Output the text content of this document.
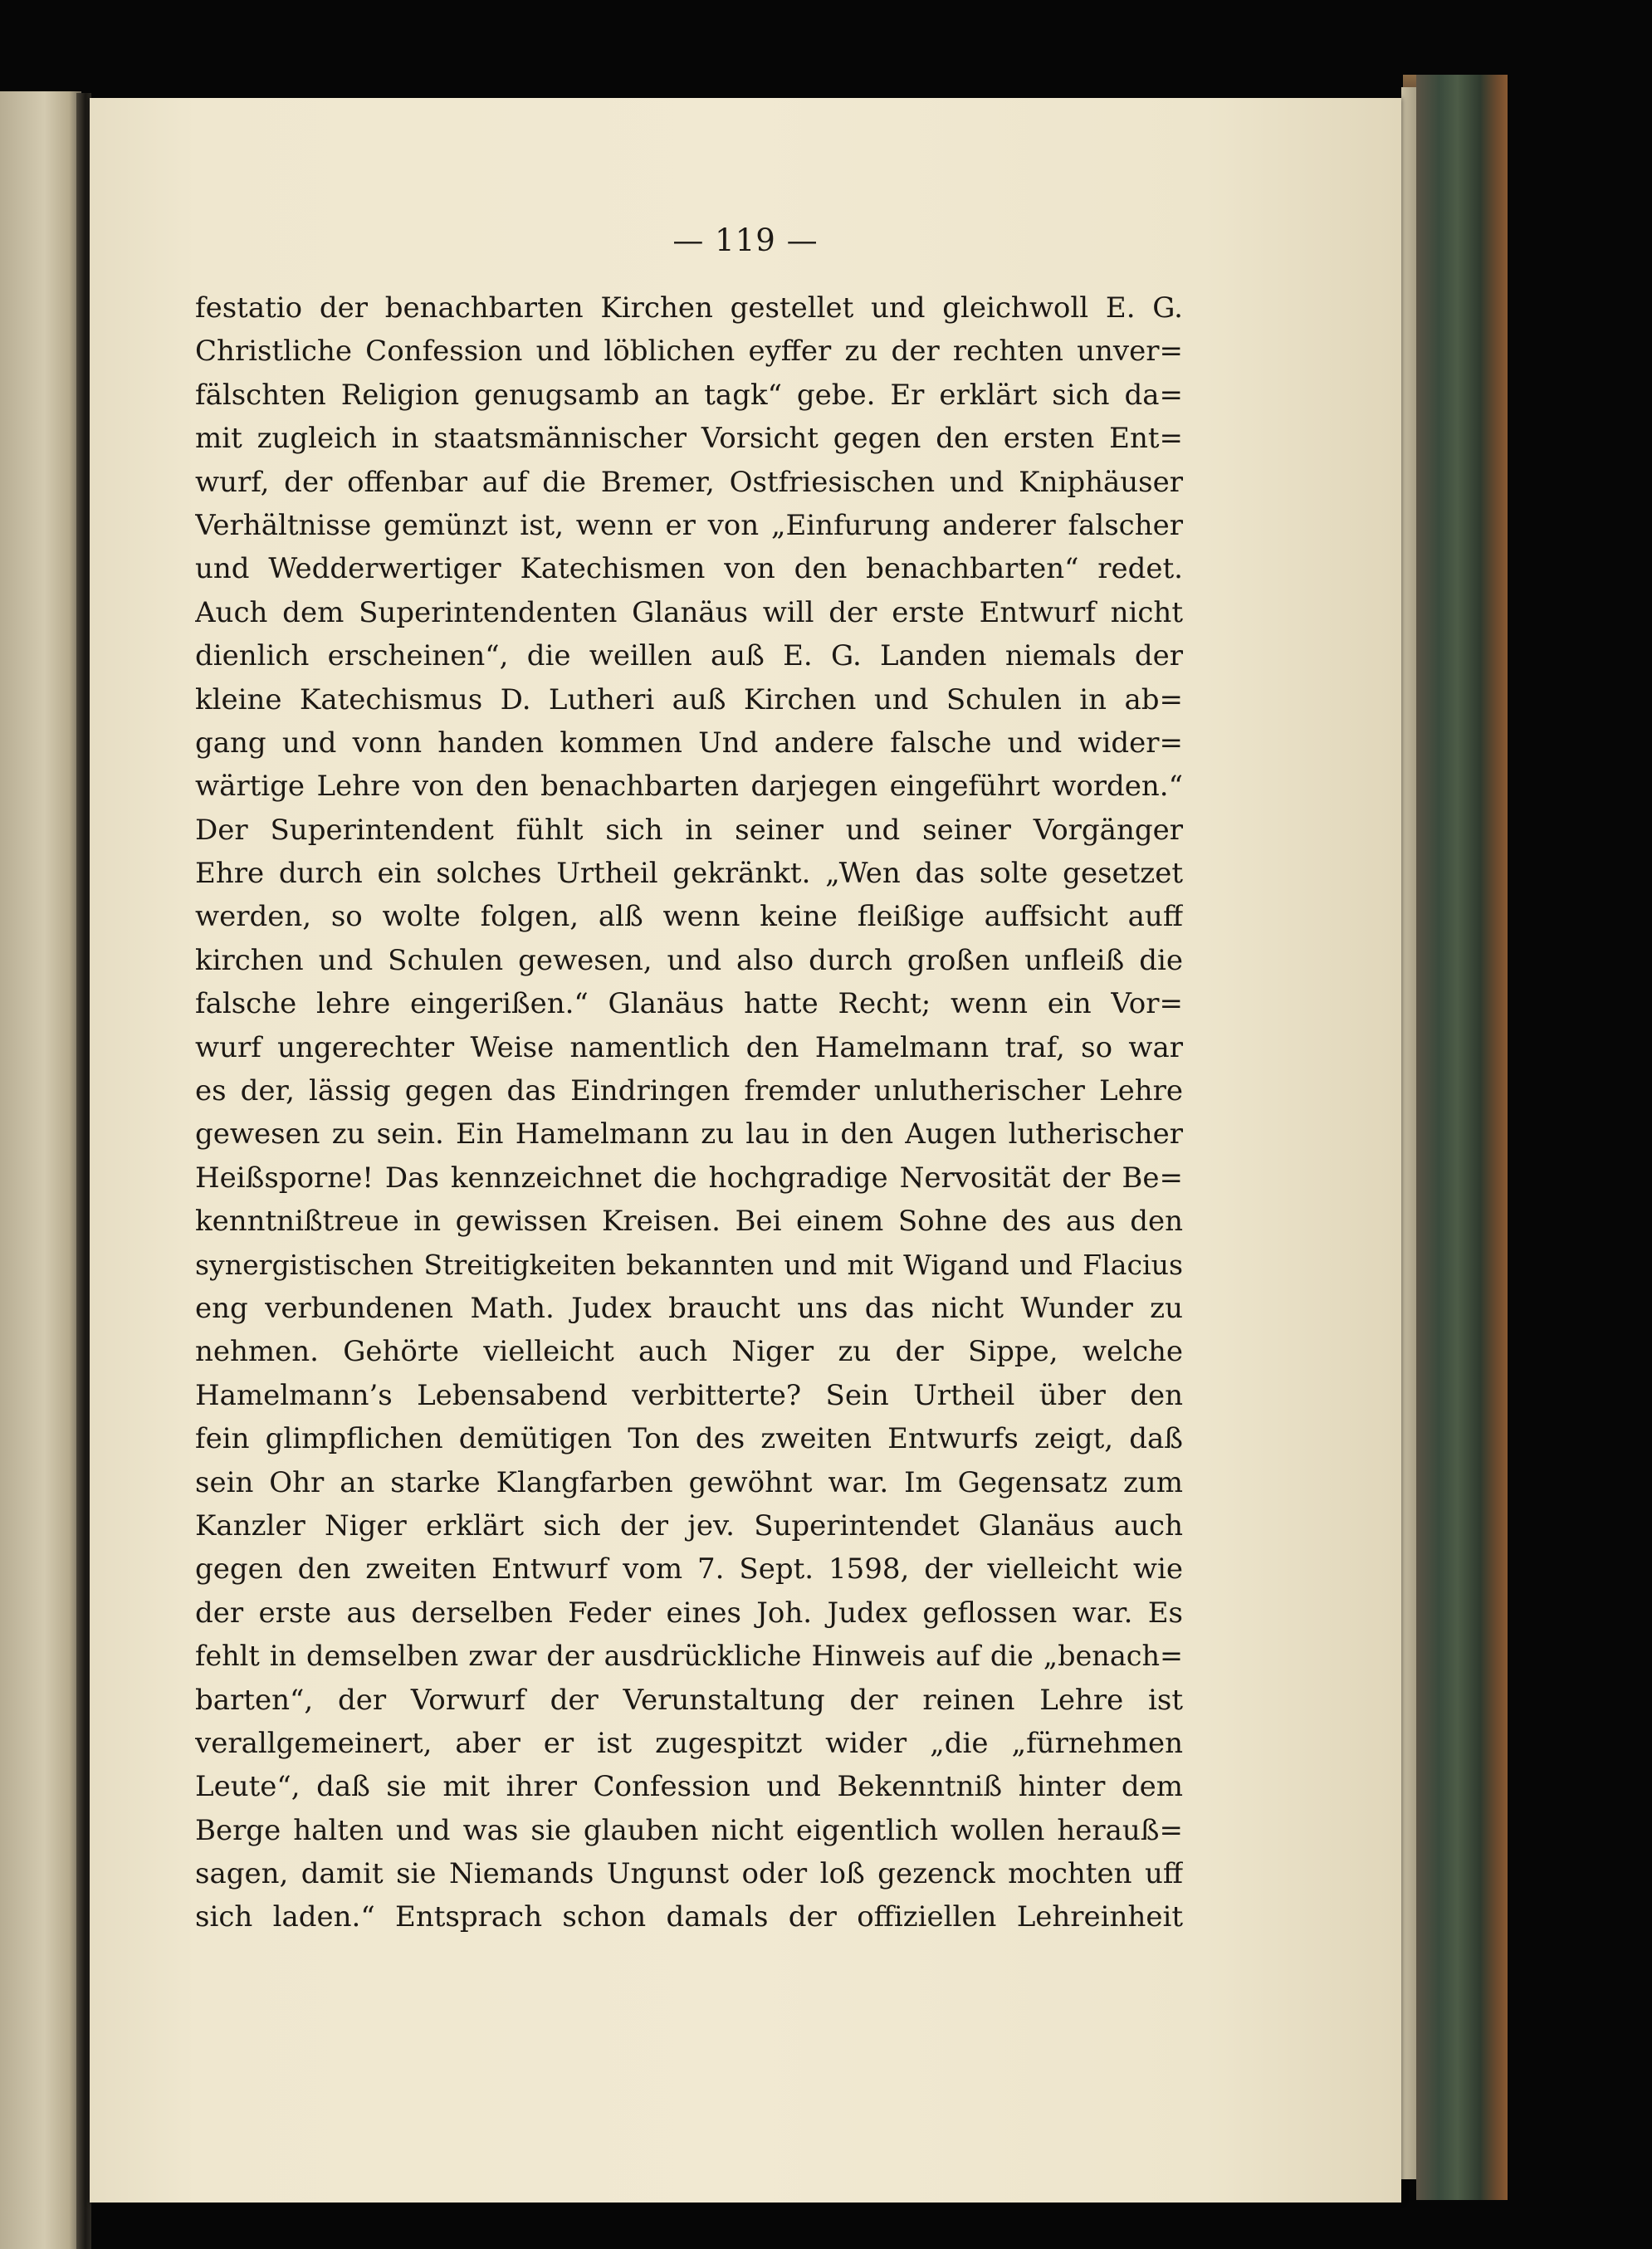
— 119 —
festatio der benachbarten Kirchen gestellet und gleichwoll E. G.
Christliche Confession und löblichen eyffer zu der rechten unver=
fälschten Religion genugsamb an tagk“ gebe. Er erklärt sich da=
mit zugleich in staatsmännischer Vorsicht gegen den ersten Ent=
wurf, der offenbar auf die Bremer, Ostfriesischen und Kniphäuser
Verhältnisse gemünzt ist, wenn er von „Einfurung anderer falscher
und Wedderwertiger Katechismen von den benachbarten“ redet.
Auch dem Superintendenten Glanäus will der erste Entwurf nicht
dienlich erscheinen“, die weillen auß E. G. Landen niemals der
kleine Katechismus D. Lutheri auß Kirchen und Schulen in ab=
gang und vonn handen kommen Und andere falsche und wider=
wärtige Lehre von den benachbarten darjegen eingeführt worden.“
Der Superintendent fühlt sich in seiner und seiner Vorgänger
Ehre durch ein solches Urtheil gekränkt. „Wen das solte gesetzet
werden, so wolte folgen, alß wenn keine fleißige auffsicht auff
kirchen und Schulen gewesen, und also durch großen unfleiß die
falsche lehre eingerißen.“ Glanäus hatte Recht; wenn ein Vor=
wurf ungerechter Weise namentlich den Hamelmann traf, so war
es der, lässig gegen das Eindringen fremder unlutherischer Lehre
gewesen zu sein. Ein Hamelmann zu lau in den Augen lutherischer
Heißsporne! Das kennzeichnet die hochgradige Nervosität der Be=
kenntnißtreue in gewissen Kreisen. Bei einem Sohne des aus den
synergistischen Streitigkeiten bekannten und mit Wigand und Flacius
eng verbundenen Math. Judex braucht uns das nicht Wunder zu
nehmen. Gehörte vielleicht auch Niger zu der Sippe, welche
Hamelmann’s Lebensabend verbitterte? Sein Urtheil über den
fein glimpflichen demütigen Ton des zweiten Entwurfs zeigt, daß
sein Ohr an starke Klangfarben gewöhnt war. Im Gegensatz zum
Kanzler Niger erklärt sich der jev. Superintendet Glanäus auch
gegen den zweiten Entwurf vom 7. Sept. 1598, der vielleicht wie
der erste aus derselben Feder eines Joh. Judex geflossen war. Es
fehlt in demselben zwar der ausdrückliche Hinweis auf die „benach=
barten“, der Vorwurf der Verunstaltung der reinen Lehre ist
verallgemeinert, aber er ist zugespitzt wider „die „fürnehmen
Leute“, daß sie mit ihrer Confession und Bekenntniß hinter dem
Berge halten und was sie glauben nicht eigentlich wollen herauß=
sagen, damit sie Niemands Ungunst oder loß gezenck mochten uff
sich laden.“ Entsprach schon damals der offiziellen Lehreinheit
